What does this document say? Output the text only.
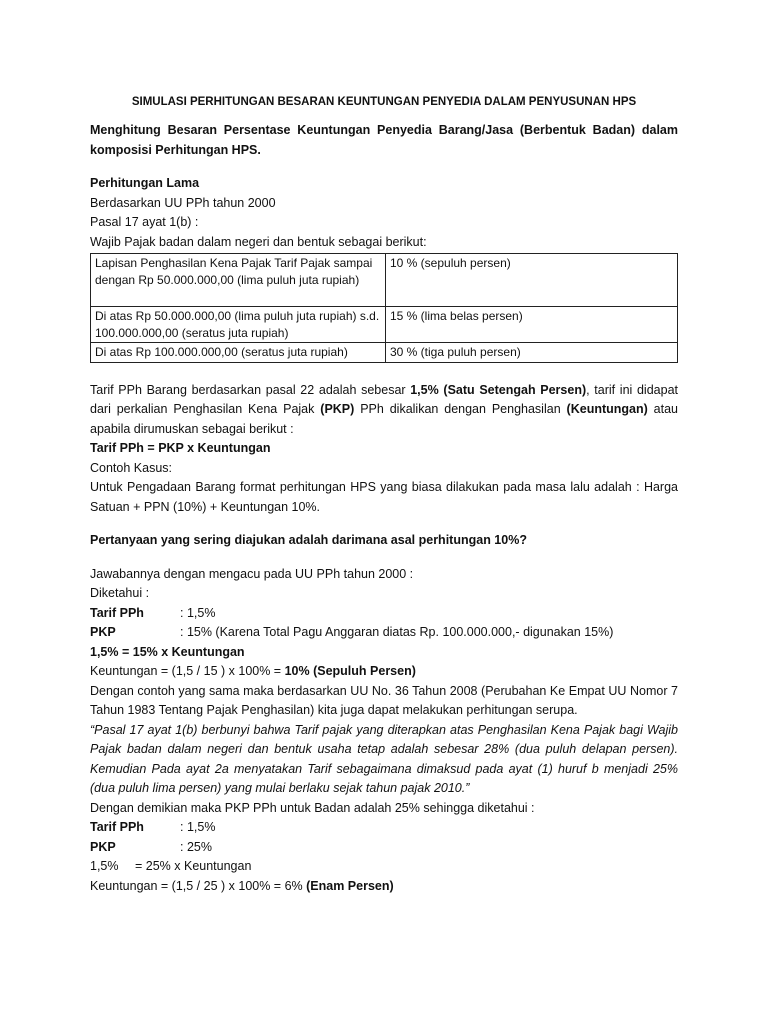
SIMULASI PERHITUNGAN BESARAN KEUNTUNGAN PENYEDIA DALAM PENYUSUNAN HPS
Menghitung Besaran Persentase Keuntungan Penyedia Barang/Jasa (Berbentuk Badan) dalam komposisi Perhitungan HPS.
Perhitungan Lama
Berdasarkan UU PPh tahun 2000
Pasal 17 ayat 1(b) :
Wajib Pajak badan dalam negeri dan bentuk sebagai berikut:
Lapisan Penghasilan Kena Pajak Tarif Pajak sampai dengan Rp 50.000.000,00 (lima puluh juta rupiah)	10 % (sepuluh persen)
Di atas Rp 50.000.000,00 (lima puluh juta rupiah) s.d. 100.000.000,00 (seratus juta rupiah)	15 % (lima belas persen)
Di atas Rp 100.000.000,00 (seratus juta rupiah)	30 % (tiga puluh persen)
Tarif PPh Barang berdasarkan pasal 22 adalah sebesar 1,5% (Satu Setengah Persen), tarif ini didapat dari perkalian Penghasilan Kena Pajak (PKP) PPh dikalikan dengan Penghasilan (Keuntungan) atau apabila dirumuskan sebagai berikut :
Tarif PPh = PKP x Keuntungan
Contoh Kasus:
Untuk Pengadaan Barang format perhitungan HPS yang biasa dilakukan pada masa lalu adalah : Harga Satuan + PPN (10%) + Keuntungan 10%.
Pertanyaan yang sering diajukan adalah darimana asal perhitungan 10%?
Jawabannya dengan mengacu pada UU PPh tahun 2000 :
Diketahui :
Tarif PPh	: 1,5%
PKP	: 15% (Karena Total Pagu Anggaran diatas Rp. 100.000.000,- digunakan 15%)
1,5% = 15% x Keuntungan
Keuntungan = (1,5 / 15 ) x 100% = 10% (Sepuluh Persen)
Dengan contoh yang sama maka berdasarkan UU No. 36 Tahun 2008 (Perubahan Ke Empat UU Nomor 7 Tahun 1983 Tentang Pajak Penghasilan) kita juga dapat melakukan perhitungan serupa.
“Pasal 17 ayat 1(b) berbunyi bahwa Tarif pajak yang diterapkan atas Penghasilan Kena Pajak bagi Wajib Pajak badan dalam negeri dan bentuk usaha tetap adalah sebesar 28% (dua puluh delapan persen). Kemudian Pada ayat 2a menyatakan Tarif sebagaimana dimaksud pada ayat (1) huruf b menjadi 25% (dua puluh lima persen) yang mulai berlaku sejak tahun pajak 2010.”
Dengan demikian maka PKP PPh untuk Badan adalah 25% sehingga diketahui :
Tarif PPh	: 1,5%
PKP	: 25%
1,5%	= 25% x Keuntungan
Keuntungan = (1,5 / 25 ) x 100% = 6% (Enam Persen)
